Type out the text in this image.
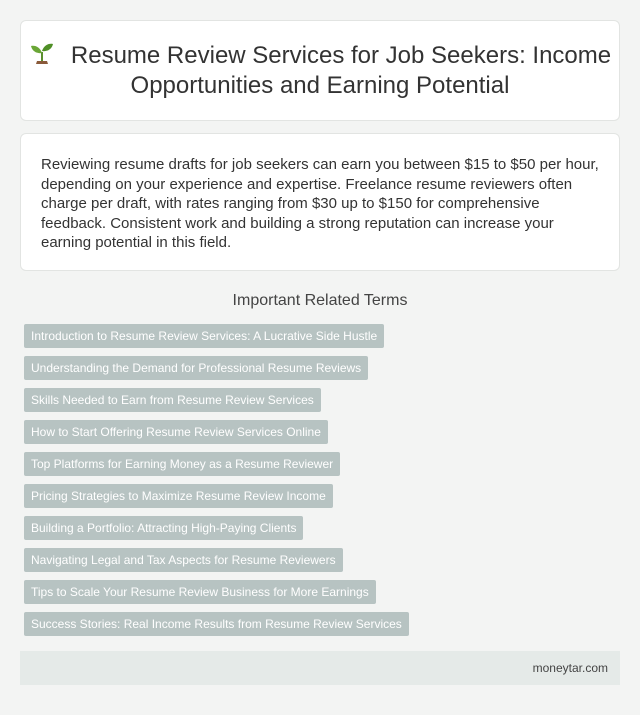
Resume Review Services for Job Seekers: Income Opportunities and Earning Potential

Reviewing resume drafts for job seekers can earn you between $15 to $50 per hour, depending on your experience and expertise. Freelance resume reviewers often charge per draft, with rates ranging from $30 up to $150 for comprehensive feedback. Consistent work and building a strong reputation can increase your earning potential in this field.

Important Related Terms
Introduction to Resume Review Services: A Lucrative Side Hustle
Understanding the Demand for Professional Resume Reviews
Skills Needed to Earn from Resume Review Services
How to Start Offering Resume Review Services Online
Top Platforms for Earning Money as a Resume Reviewer
Pricing Strategies to Maximize Resume Review Income
Building a Portfolio: Attracting High-Paying Clients
Navigating Legal and Tax Aspects for Resume Reviewers
Tips to Scale Your Resume Review Business for More Earnings
Success Stories: Real Income Results from Resume Review Services
moneytar.com
